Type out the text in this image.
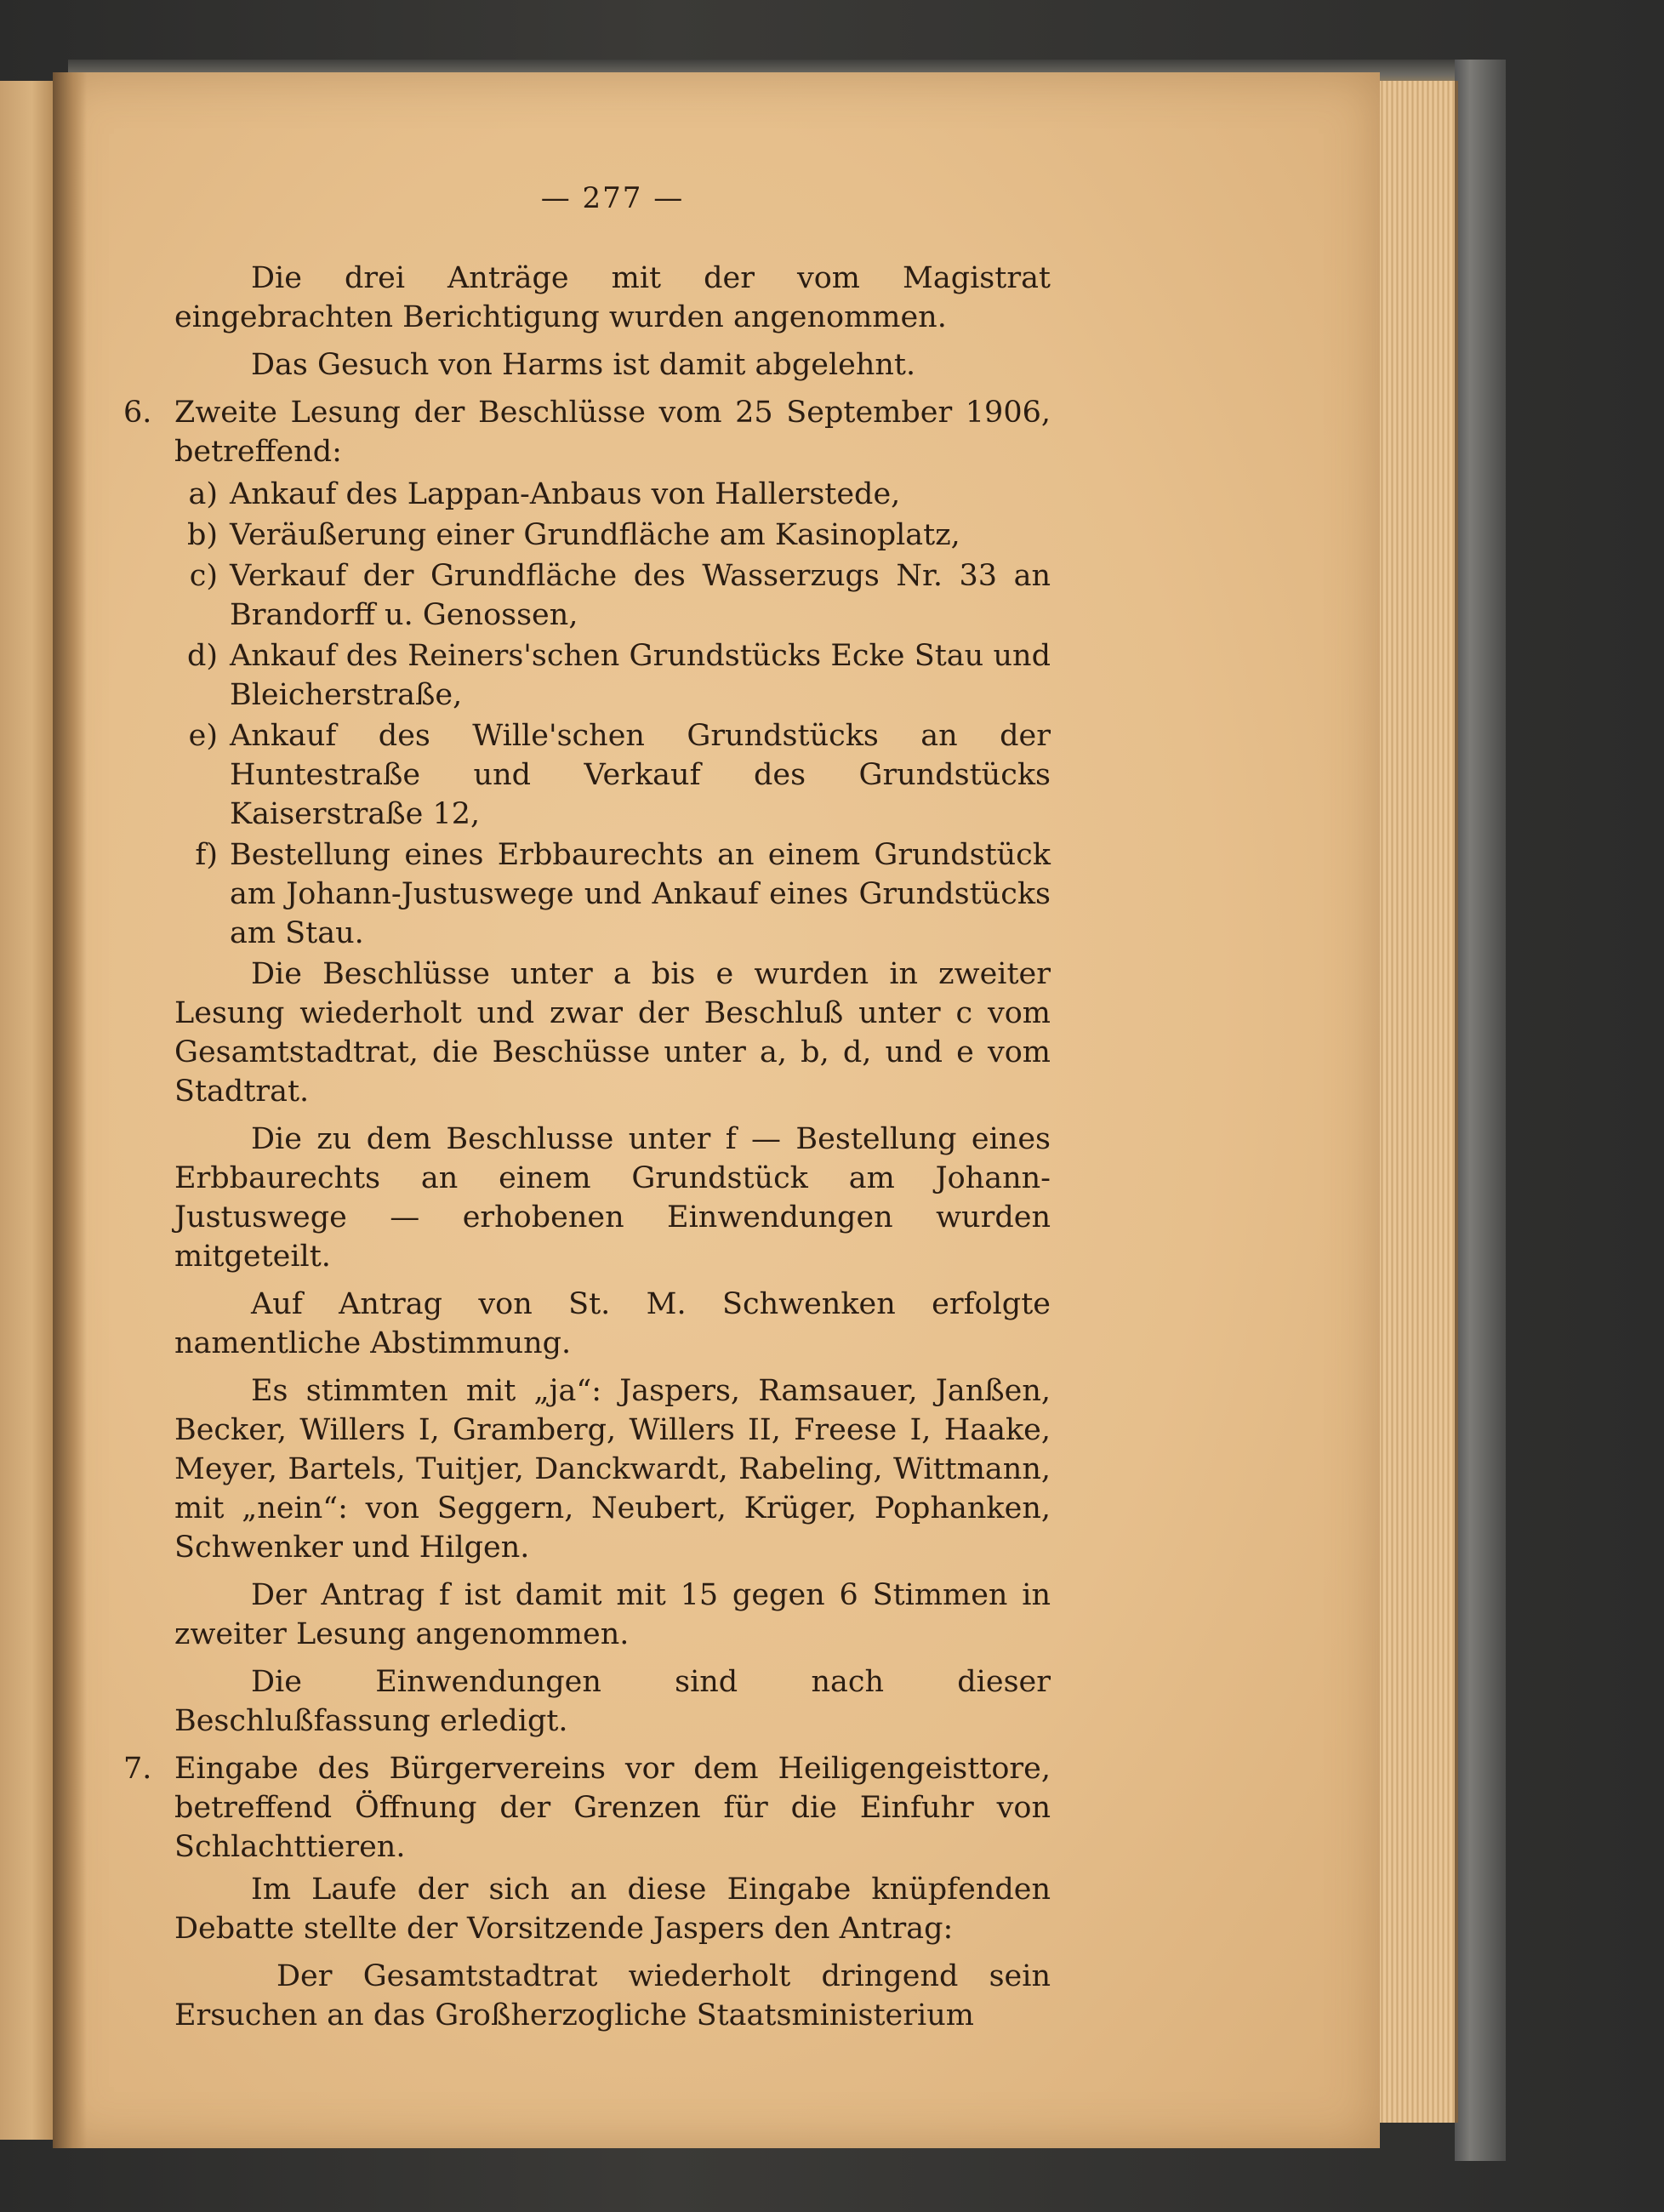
— 277 —

Die drei Anträge mit der vom Magistrat eingebrachten Berichtigung wurden angenommen.

Das Gesuch von Harms ist damit abgelehnt.

6. Zweite Lesung der Beschlüsse vom 25 September 1906, betreffend:
a) Ankauf des Lappan-Anbaus von Hallerstede,
b) Veräußerung einer Grundfläche am Kasinoplatz,
c) Verkauf der Grundfläche des Wasserzugs Nr. 33 an Brandorff u. Genossen,
d) Ankauf des Reiners'schen Grundstücks Ecke Stau und Bleicherstraße,
e) Ankauf des Wille'schen Grundstücks an der Huntestraße und Verkauf des Grundstücks Kaiserstraße 12,
f) Bestellung eines Erbbaurechts an einem Grundstück am Johann-Justuswege und Ankauf eines Grundstücks am Stau.

Die Beschlüsse unter a bis e wurden in zweiter Lesung wiederholt und zwar der Beschluß unter c vom Gesamtstadtrat, die Beschüsse unter a, b, d, und e vom Stadtrat.

Die zu dem Beschlusse unter f — Bestellung eines Erbbaurechts an einem Grundstück am Johann-Justuswege — erhobenen Einwendungen wurden mitgeteilt.

Auf Antrag von St. M. Schwenken erfolgte namentliche Abstimmung.

Es stimmten mit „ja“: Jaspers, Ramsauer, Janßen, Becker, Willers I, Gramberg, Willers II, Freese I, Haake, Meyer, Bartels, Tuitjer, Danckwardt, Rabeling, Wittmann, mit „nein“: von Seggern, Neubert, Krüger, Pophanken, Schwenker und Hilgen.

Der Antrag f ist damit mit 15 gegen 6 Stimmen in zweiter Lesung angenommen.

Die Einwendungen sind nach dieser Beschlußfassung erledigt.

7. Eingabe des Bürgervereins vor dem Heiligengeisttore, betreffend Öffnung der Grenzen für die Einfuhr von Schlachttieren.

Im Laufe der sich an diese Eingabe knüpfenden Debatte stellte der Vorsitzende Jaspers den Antrag:

Der Gesamtstadtrat wiederholt dringend sein Ersuchen an das Großherzogliche Staatsministerium
